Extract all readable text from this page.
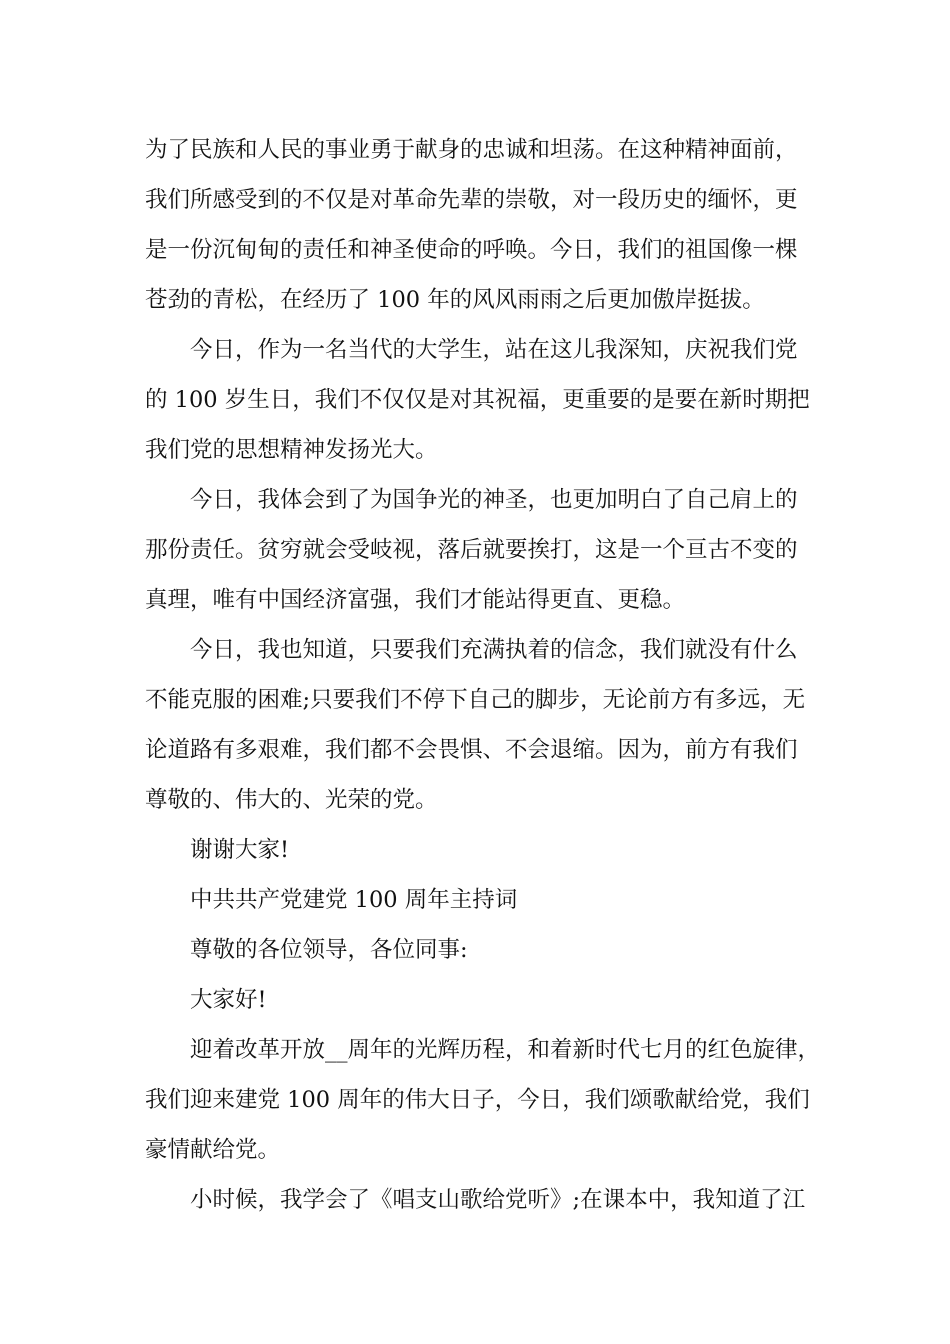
为了民族和人民的事业勇于献身的忠诚和坦荡。在这种精神面前，
我们所感受到的不仅是对革命先辈的崇敬，对一段历史的缅怀，更
是一份沉甸甸的责任和神圣使命的呼唤。今日，我们的祖国像一棵
苍劲的青松，在经历了 100 年的风风雨雨之后更加傲岸挺拔。
今日，作为一名当代的大学生，站在这儿我深知，庆祝我们党
的 100 岁生日，我们不仅仅是对其祝福，更重要的是要在新时期把
我们党的思想精神发扬光大。
今日，我体会到了为国争光的神圣，也更加明白了自己肩上的
那份责任。贫穷就会受岐视，落后就要挨打，这是一个亘古不变的
真理，唯有中国经济富强，我们才能站得更直、更稳。
今日，我也知道，只要我们充满执着的信念，我们就没有什么
不能克服的困难;只要我们不停下自己的脚步，无论前方有多远，无
论道路有多艰难，我们都不会畏惧、不会退缩。因为，前方有我们
尊敬的、伟大的、光荣的党。
谢谢大家!
中共共产党建党 100 周年主持词
尊敬的各位领导，各位同事:
大家好!
迎着改革开放__周年的光辉历程，和着新时代七月的红色旋律，
我们迎来建党 100 周年的伟大日子，今日，我们颂歌献给党，我们
豪情献给党。
小时候，我学会了《唱支山歌给党听》;在课本中，我知道了江
